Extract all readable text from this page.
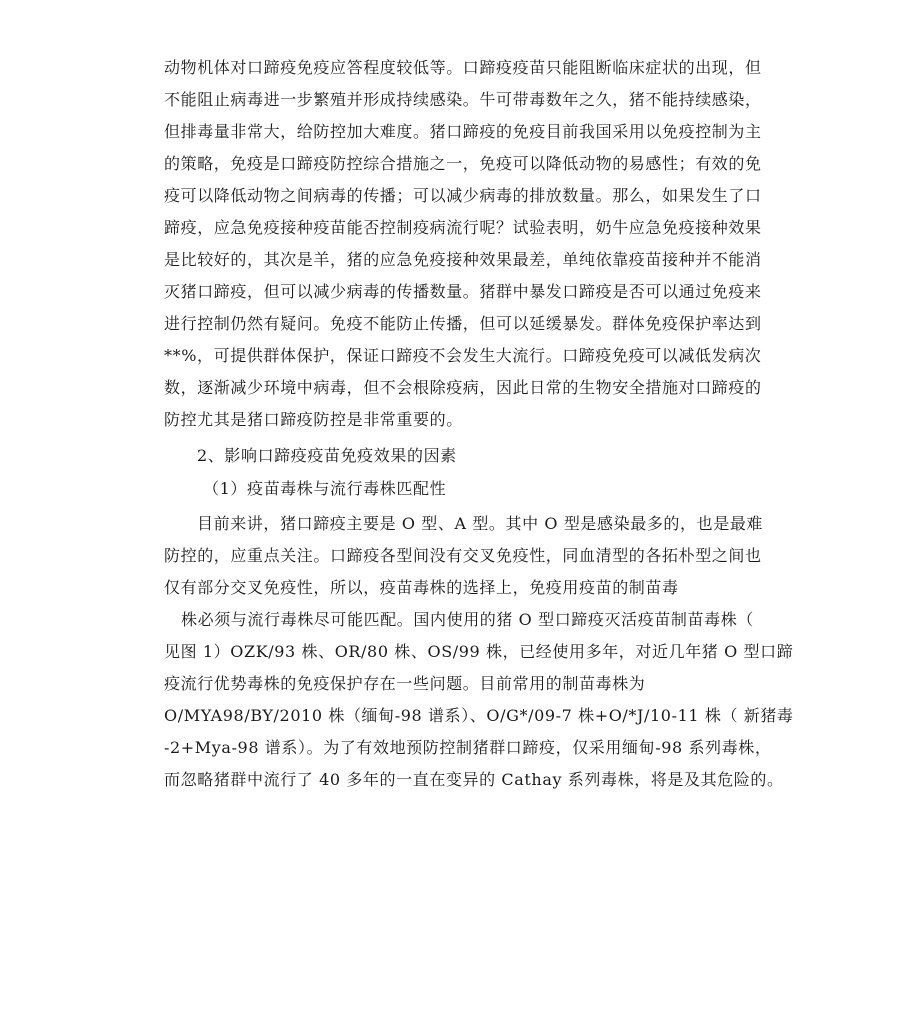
动物机体对口蹄疫免疫应答程度较低等。口蹄疫疫苗只能阻断临床症状的出现，但
不能阻止病毒进一步繁殖并形成持续感染。牛可带毒数年之久，猪不能持续感染，
但排毒量非常大，给防控加大难度。猪口蹄疫的免疫目前我国采用以免疫控制为主
的策略，免疫是口蹄疫防控综合措施之一，免疫可以降低动物的易感性；有效的免
疫可以降低动物之间病毒的传播；可以减少病毒的排放数量。那么，如果发生了口
蹄疫，应急免疫接种疫苗能否控制疫病流行呢？试验表明，奶牛应急免疫接种效果
是比较好的，其次是羊，猪的应急免疫接种效果最差，单纯依靠疫苗接种并不能消
灭猪口蹄疫，但可以减少病毒的传播数量。猪群中暴发口蹄疫是否可以通过免疫来
进行控制仍然有疑问。免疫不能防止传播，但可以延缓暴发。群体免疫保护率达到
**%，可提供群体保护，保证口蹄疫不会发生大流行。口蹄疫免疫可以减低发病次
数，逐渐减少环境中病毒，但不会根除疫病，因此日常的生物安全措施对口蹄疫的
防控尤其是猪口蹄疫防控是非常重要的。
2、影响口蹄疫疫苗免疫效果的因素
（1）疫苗毒株与流行毒株匹配性
目前来讲，猪口蹄疫主要是 O 型、A 型。其中 O 型是感染最多的，也是最难
防控的，应重点关注。口蹄疫各型间没有交叉免疫性，同血清型的各拓朴型之间也
仅有部分交叉免疫性，所以，疫苗毒株的选择上，免疫用疫苗的制苗毒
株必须与流行毒株尽可能匹配。国内使用的猪 O 型口蹄疫灭活疫苗制苗毒株（
见图 1）OZK/93 株、OR/80 株、OS/99 株，已经使用多年，对近几年猪 O 型口蹄
疫流行优势毒株的免疫保护存在一些问题。目前常用的制苗毒株为
O/MYA98/BY/2010 株（缅甸-98 谱系）、O/G*/09-7 株+O/*J/10-11 株（ 新猪毒
-2+Mya-98 谱系）。为了有效地预防控制猪群口蹄疫，仅采用缅甸-98 系列毒株，
而忽略猪群中流行了 40 多年的一直在变异的 Cathay 系列毒株，将是及其危险的。
